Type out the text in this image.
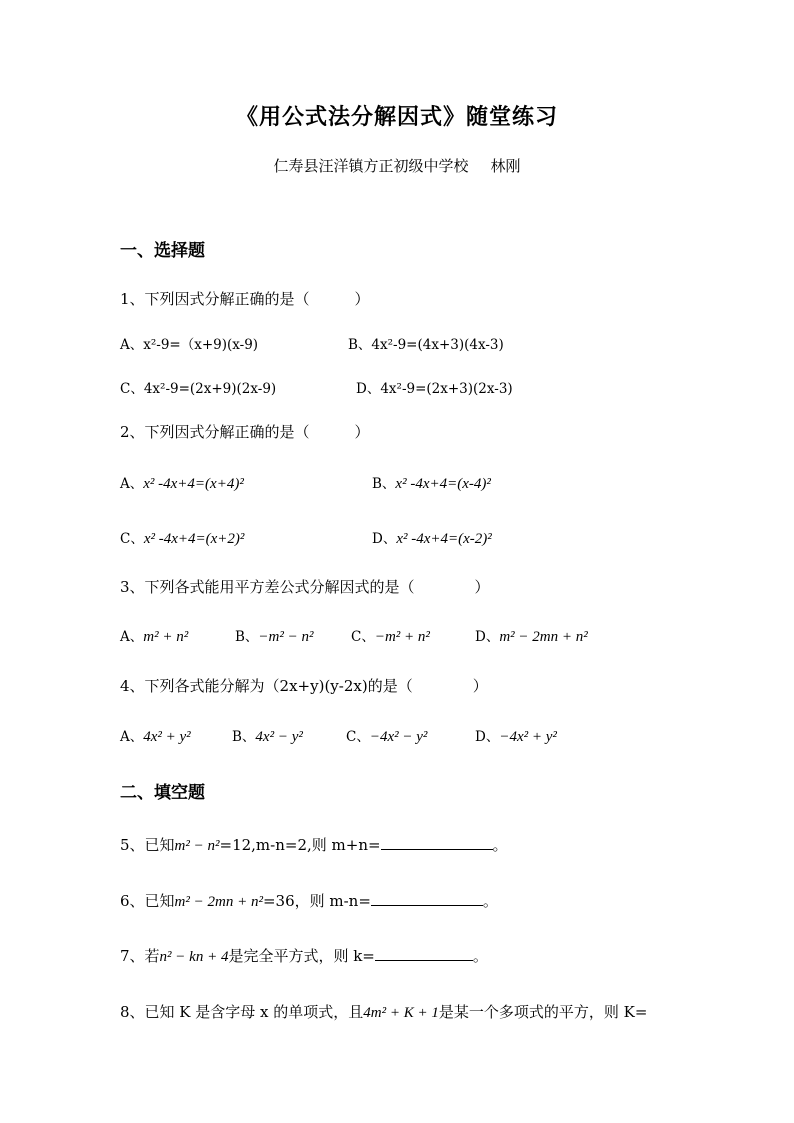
《用公式法分解因式》随堂练习
仁寿县汪洋镇方正初级中学校 林刚
一、选择题
1、下列因式分解正确的是（　　　）
A、x²-9=（x+9)(x-9)	B、4x²-9=(4x+3)(4x-3)
C、4x²-9=(2x+9)(2x-9)	D、4x²-9=(2x+3)(2x-3)
2、下列因式分解正确的是（　　　）
A、x² -4x+4=(x+4)²	B、x² -4x+4=(x-4)²
C、x² -4x+4=(x+2)²	D、x² -4x+4=(x-2)²
3、下列各式能用平方差公式分解因式的是（　　　　）
A、m² + n²	B、−m² − n²	C、−m² + n²	D、m² − 2mn + n²
4、下列各式能分解为（2x+y)(y-2x)的是（　　　　）
A、4x² + y²	B、4x² − y²	C、−4x² − y²	D、−4x² + y²
二、填空题
5、已知m² − n²=12,m-n=2,则 m+n=	。
6、已知m² − 2mn + n²=36，则 m-n=	。
7、若n² − kn + 4是完全平方式，则 k=	。
8、已知 K 是含字母 x 的单项式，且4m² + K + 1是某一个多项式的平方，则 K=
